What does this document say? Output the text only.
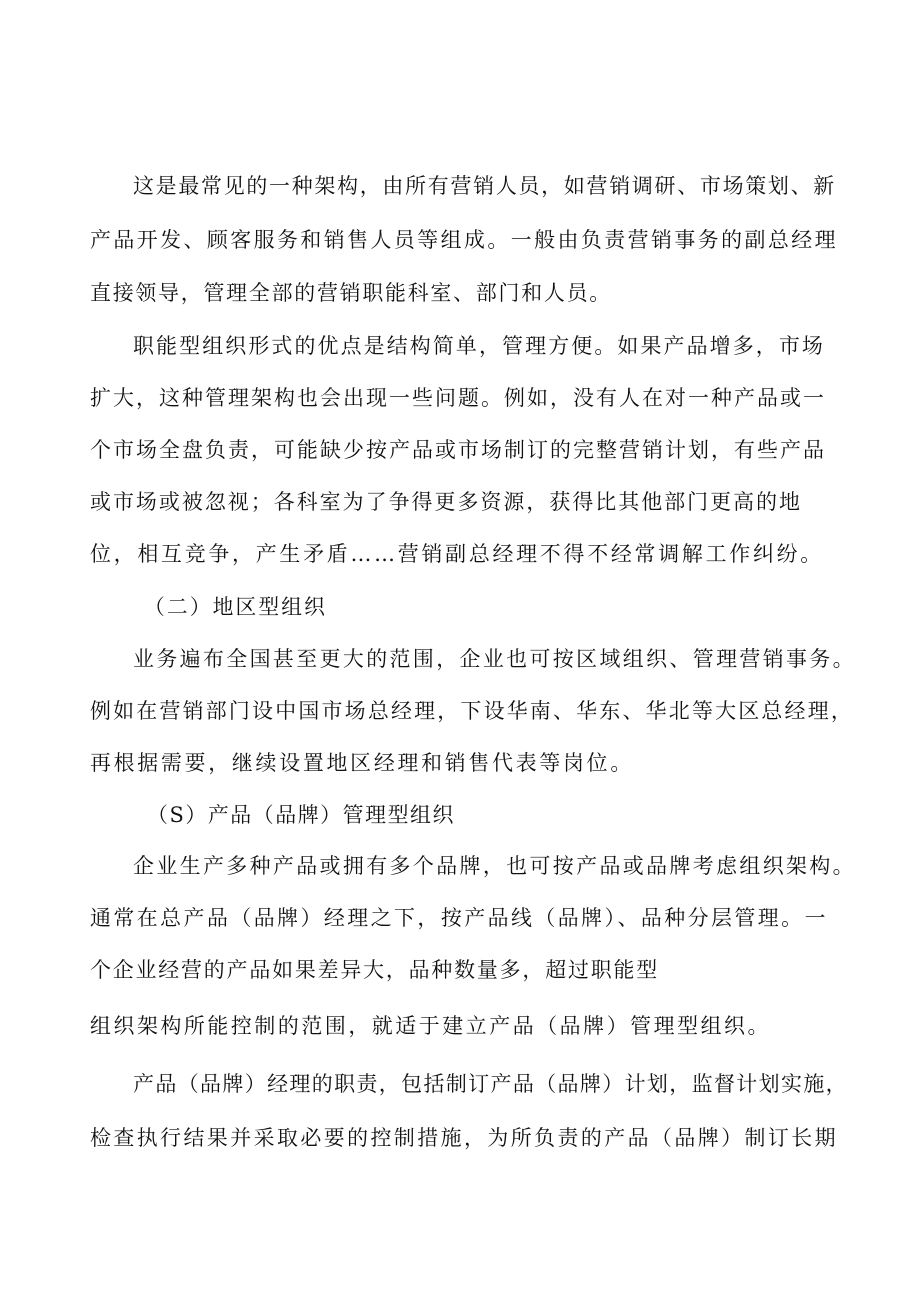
这是最常见的一种架构，由所有营销人员，如营销调研、市场策划、新
产品开发、顾客服务和销售人员等组成。一般由负责营销事务的副总经理
直接领导，管理全部的营销职能科室、部门和人员。
职能型组织形式的优点是结构简单，管理方便。如果产品增多，市场
扩大，这种管理架构也会出现一些问题。例如，没有人在对一种产品或一
个市场全盘负责，可能缺少按产品或市场制订的完整营销计划，有些产品
或市场或被忽视；各科室为了争得更多资源，获得比其他部门更高的地
位，相互竞争，产生矛盾……营销副总经理不得不经常调解工作纠纷。
（二）地区型组织
业务遍布全国甚至更大的范围，企业也可按区域组织、管理营销事务。
例如在营销部门设中国市场总经理，下设华南、华东、华北等大区总经理，
再根据需要，继续设置地区经理和销售代表等岗位。
（S）产品（品牌）管理型组织
企业生产多种产品或拥有多个品牌，也可按产品或品牌考虑组织架构。
通常在总产品（品牌）经理之下，按产品线（品牌）、品种分层管理。一
个企业经营的产品如果差异大，品种数量多，超过职能型
组织架构所能控制的范围，就适于建立产品（品牌）管理型组织。
产品（品牌）经理的职责，包括制订产品（品牌）计划，监督计划实施，
检查执行结果并采取必要的控制措施，为所负责的产品（品牌）制订长期
